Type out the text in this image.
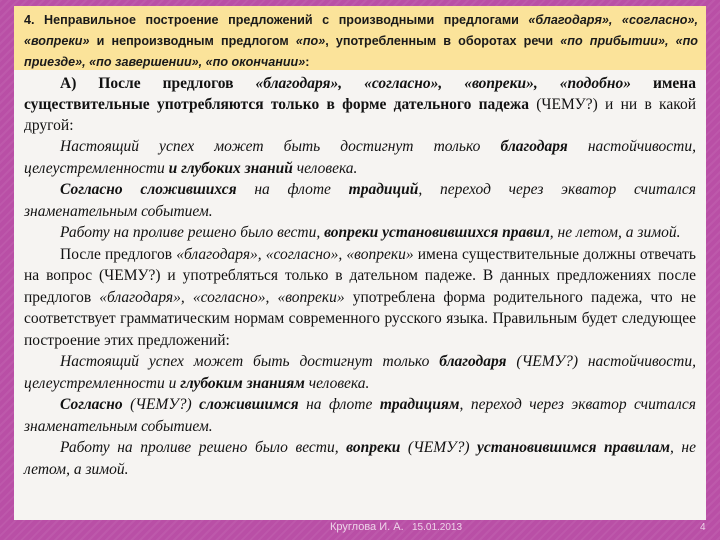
4. Неправильное построение предложений с производными предлогами «благодаря», «согласно», «вопреки» и непроизводным предлогом «по», употребленным в оборотах речи «по прибытии», «по приезде», «по завершении», «по окончании»:

А) После предлогов «благодаря», «согласно», «вопреки», «подобно» имена существительные употребляются только в форме дательного падежа (ЧЕМУ?) и ни в какой другой:

Настоящий успех может быть достигнут только благодаря настойчивости, целеустремленности и глубоких знаний человека.

Согласно сложившихся на флоте традиций, переход через экватор считался знаменательным событием.

Работу на проливе решено было вести, вопреки установившихся правил, не летом, а зимой.

После предлогов «благодаря», «согласно», «вопреки» имена существительные должны отвечать на вопрос (ЧЕМУ?) и употребляться только в дательном падеже. В данных предложениях после предлогов «благодаря», «согласно», «вопреки» употреблена форма родительного падежа, что не соответствует грамматическим нормам современного русского языка. Правильным будет следующее построение этих предложений:

Настоящий успех может быть достигнут только благодаря (ЧЕМУ?) настойчивости, целеустремленности и глубоким знаниям человека.

Согласно (ЧЕМУ?) сложившимся на флоте традициям, переход через экватор считался знаменательным событием.

Работу на проливе решено было вести, вопреки (ЧЕМУ?) установившимся правилам, не летом, а зимой.

Круглова И. А. 15.01.2013	4
